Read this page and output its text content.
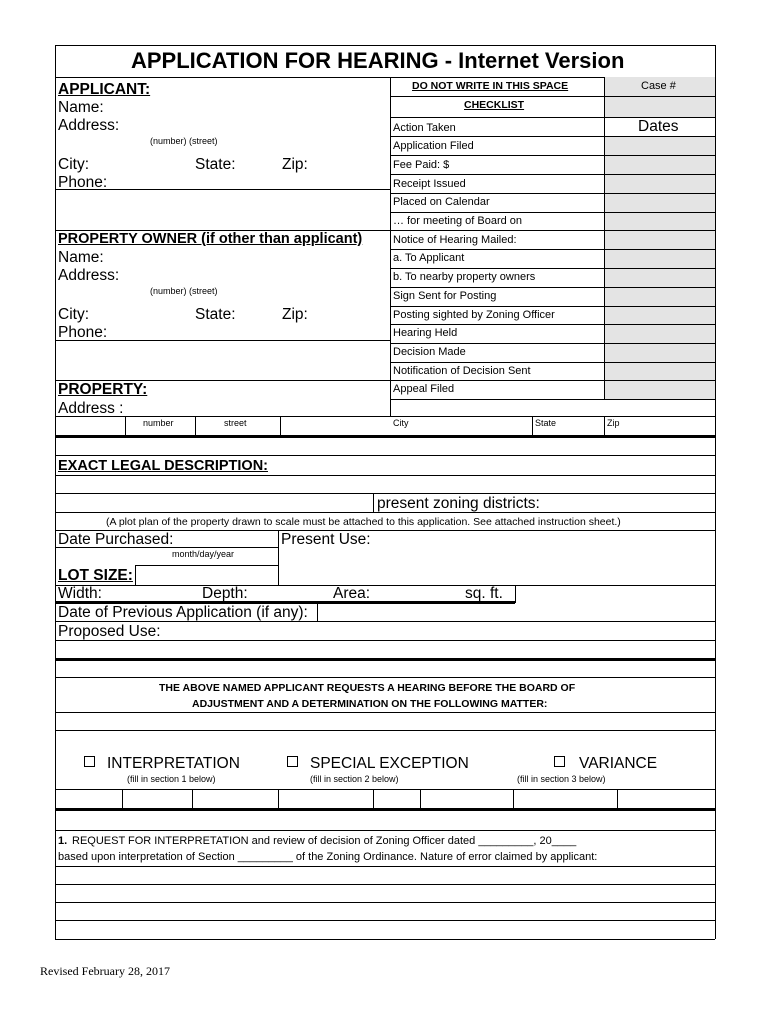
APPLICATION FOR HEARING - Internet Version
APPLICANT:
Name:
Address:
(number) (street)
City:	State:	Zip:
Phone:
PROPERTY OWNER (if other than applicant)
Name:
Address:
(number) (street)
City:	State:	Zip:
Phone:
PROPERTY:
Address :
number	street	City	State	Zip
DO NOT WRITE IN THIS SPACE	Case #
CHECKLIST
Dates
Action Taken
Application Filed
Fee Paid: $
Receipt Issued
Placed on Calendar
… for meeting of Board on
Notice of Hearing Mailed:
a. To Applicant
b. To nearby property owners
Sign Sent for Posting
Posting sighted by Zoning Officer
Hearing Held
Decision Made
Notification of Decision Sent
Appeal Filed
EXACT LEGAL DESCRIPTION:
present zoning districts:
(A plot plan of the property drawn to scale must be attached to this application. See attached instruction sheet.)
Date Purchased:	Present Use:
month/day/year
LOT SIZE:
Width:	Depth:	Area:	sq. ft.
Date of Previous Application (if any):
Proposed Use:
THE ABOVE NAMED APPLICANT REQUESTS A HEARING BEFORE THE BOARD OF
ADJUSTMENT AND A DETERMINATION ON THE FOLLOWING MATTER:
INTERPRETATION
(fill in section 1 below)
SPECIAL EXCEPTION
(fill in section 2 below)
VARIANCE
(fill in section 3 below)
1. REQUEST FOR INTERPRETATION and review of decision of Zoning Officer dated _________, 20____
based upon interpretation of Section _________ of the Zoning Ordinance. Nature of error claimed by applicant:
Revised February 28, 2017
